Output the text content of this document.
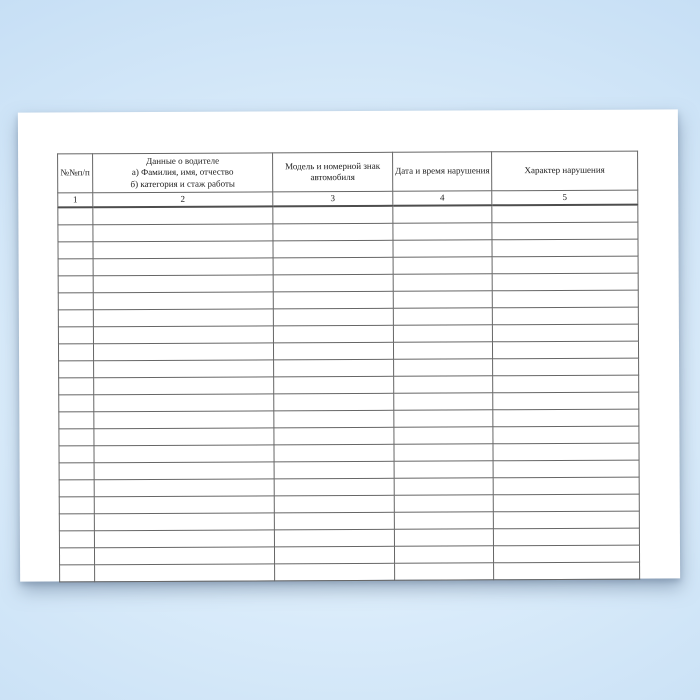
№№п/п	Данные о водителе
а) Фамилия, имя, отчество
б) категория и стаж работы	Модель и номерной знак
автомобиля	Дата и время нарушения	Характер нарушения

1	2	3	4	5
